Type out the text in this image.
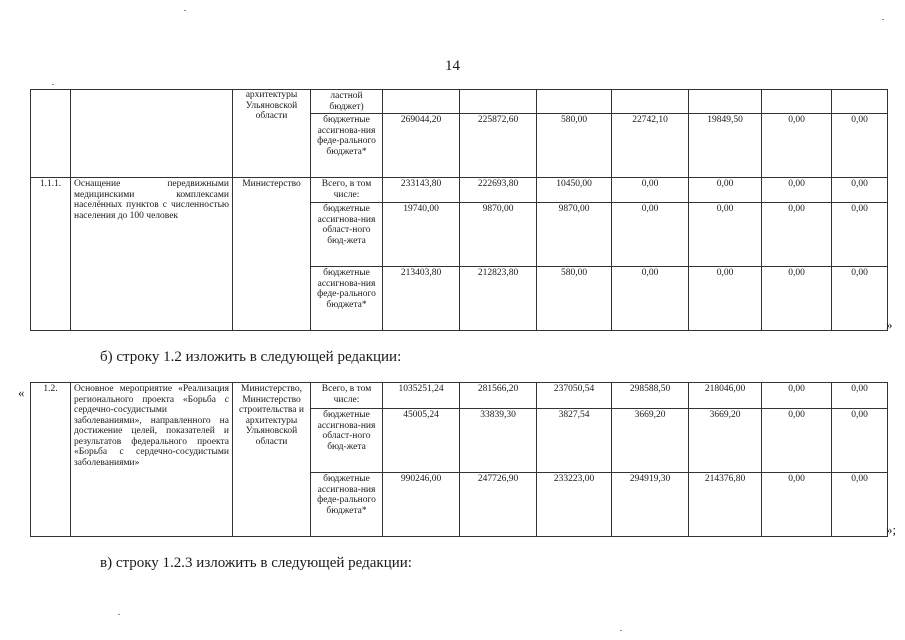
14
		архитектуры Ульяновской области	ластной бюджет)							
			бюджетные ассигнова-ния феде-рального бюджета*	269044,20	225872,60	580,00	22742,10	19849,50	0,00	0,00
1.1.1.	Оснащение передвижными медицинскими комплексами населённых пунктов с численностью населения до 100 человек	Министерство	Всего, в том числе:	233143,80	222693,80	10450,00	0,00	0,00	0,00	0,00
			бюджетные ассигнова-ния област-ного бюд-жета	19740,00	9870,00	9870,00	0,00	0,00	0,00	0,00
			бюджетные ассигнова-ния феде-рального бюджета*	213403,80	212823,80	580,00	0,00	0,00	0,00	0,00
»
б) строку 1.2 изложить в следующей редакции:
« 1.2.	Основное мероприятие «Реализация регионального проекта «Борьба с сердечно-сосудистыми заболеваниями», направленного на достижение целей, показателей и результатов федерального проекта «Борьба с сердечно-сосудистыми заболеваниями»	Министерство, Министерство строительства и архитектуры Ульяновской области	Всего, в том числе:	1035251,24	281566,20	237050,54	298588,50	218046,00	0,00	0,00
			бюджетные ассигнова-ния област-ного бюд-жета	45005,24	33839,30	3827,54	3669,20	3669,20	0,00	0,00
			бюджетные ассигнова-ния феде-рального бюджета*	990246,00	247726,90	233223,00	294919,30	214376,80	0,00	0,00
»;
в) строку 1.2.3 изложить в следующей редакции:
